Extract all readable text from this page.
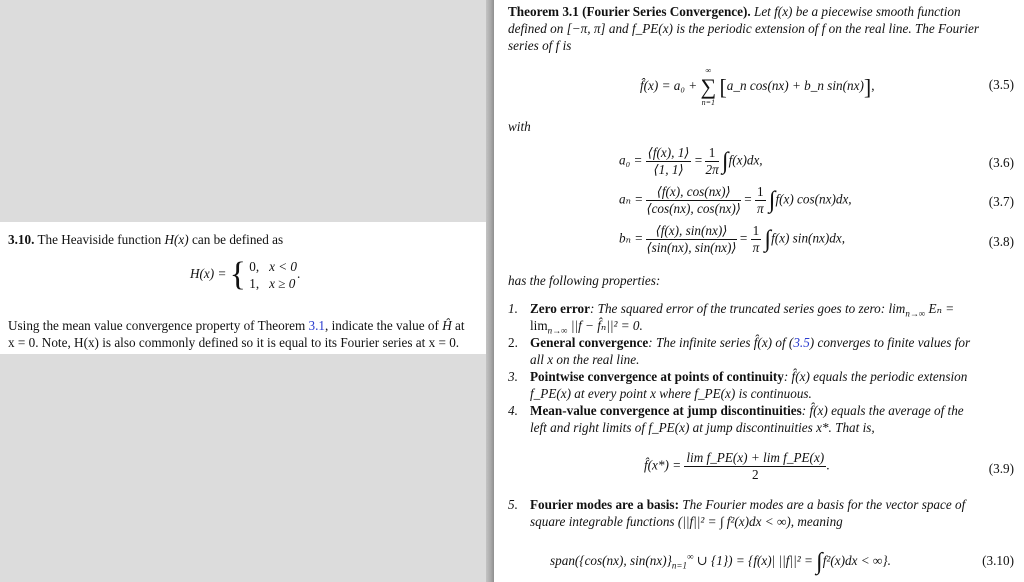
3.10. The Heaviside function H(x) can be defined as
H(x) = { 0, x < 0
1, x ≥ 0
.
Using the mean value convergence property of Theorem 3.1, indicate the value of Ĥ at
x = 0. Note, H(x) is also commonly defined so it is equal to its Fourier series at x = 0.
Theorem 3.1 (Fourier Series Convergence). Let f(x) be a piecewise smooth function
defined on [−π, π] and f_PE(x) is the periodic extension of f on the real line. The Fourier
series of f is
f̂(x) = a₀ +
∞
∑
n=1
[a_n cos(nx) + b_n sin(nx)],	(3.5)
with
$a_0 = \frac{⟨f(x), 1⟩}{⟨1, 1⟩} = \frac{1}{2\pi} \int f(x)dx$,	(3.6)
$a_n = \frac{⟨f(x), \cos(nx)⟩}{⟨\cos(nx), \cos(nx)⟩} = \frac{1}{\pi} \int f(x)$ cos(nx)dx,	(3.7)
$b_n = \frac{⟨f(x), \sin(nx)⟩}{⟨\sin(nx), \sin(nx)⟩} = \frac{1}{\pi} \int f(x)$ sin(nx)dx,	(3.8)
has the following properties:
1. Zero error: The squared error of the truncated series goes to zero: $\lim_{n\to\infty} E_n$ =
$\lim_{n\to\infty} ||f$ − f̂ₙ||² = 0.
2. General convergence: The infinite series f̂(x) of (3.5) converges to finite values for
all x on the real line.
3. Pointwise convergence at points of continuity: f̂(x) equals the periodic extension
f_PE(x) at every point x where f_PE(x) is continuous.
4. Mean-value convergence at jump discontinuities: f̂(x) equals the average of the
left and right limits of f_PE(x) at jump discontinuities x*. That is,
f̂(x*) = $\frac{\text{lim f\_PE(x) + lim f\_PE(x)}}{2}$ .	(3.9)
5. Fourier modes are a basis: The Fourier modes are a basis for the vector space of
square integrable functions (||f||² = ∫ f²(x)dx < ∞), meaning
span({cos(nx), $\sin(nx)\}_{n=1}^\infty$ ∪ {1}) = {f(x)| ||f||² = ∫f²(x)dx < ∞}.	(3.10)
